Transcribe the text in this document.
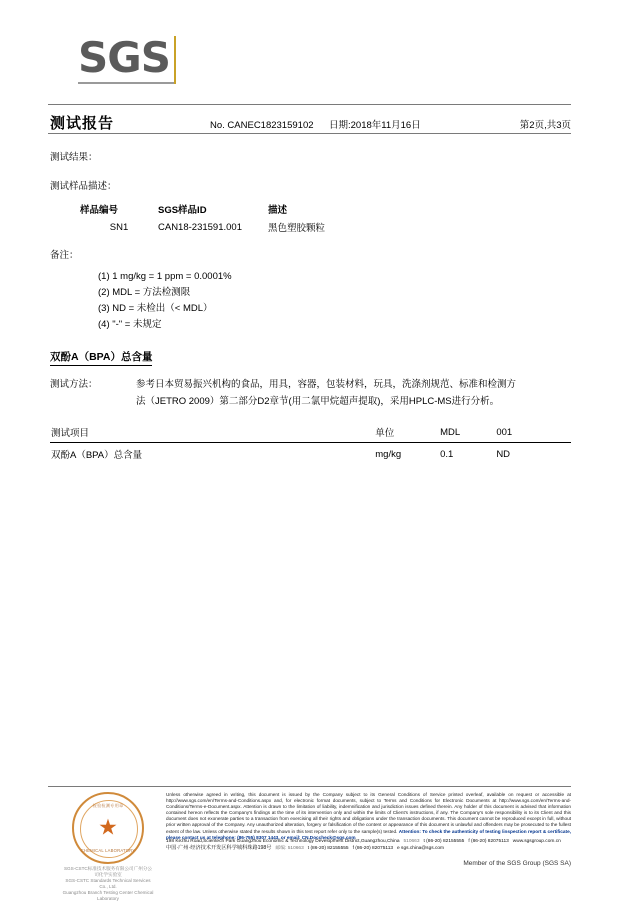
SGS
测试报告	No. CANEC1823159102	日期:2018年11月16日	第2页,共3页
测试结果：
测试样品描述：
样品编号	SGS样品ID	描述
SN1	CAN18-231591.001	黑色塑胶颗粒
备注：
(1) 1 mg/kg = 1 ppm = 0.0001%
(2) MDL = 方法检测限
(3) ND = 未检出（< MDL）
(4) "-" = 未规定
双酚A（BPA）总含量
测试方法：	参考日本贸易振兴机构的食品，用具，容器，包装材料，玩具，洗涤剂规范、标准和检测方
法（JETRO 2009）第二部分D2章节(用二氯甲烷超声提取)，采用HPLC-MS进行分析。
测试项目	单位	MDL	001
双酚A（BPA）总含量	mg/kg	0.1	ND
检验检测专用章
★
CHEMICAL LABORATORY
SGS-CSTC标准技术服务有限公司广州分公司化学实验室
SGS-CSTC Standards Technical Services Co., Ltd.
Guangzhou Branch Testing Center Chemical Laboratory
Unless otherwise agreed in writing, this document is issued by the Company subject to its General Conditions of Service printed overleaf, available on request or accessible at http://www.sgs.com/en/Terms-and-Conditions.aspx and, for electronic format documents, subject to Terms and Conditions for Electronic Documents at http://www.sgs.com/en/Terms-and-Conditions/Terms-e-Document.aspx. Attention is drawn to the limitation of liability, indemnification and jurisdiction issues defined therein. Any holder of this document is advised that information contained hereon reflects the Company's findings at the time of its intervention only and within the limits of Client's instructions, if any. The Company's sole responsibility is to its Client and this document does not exonerate parties to a transaction from exercising all their rights and obligations under the transaction documents. This document cannot be reproduced except in full, without prior written approval of the Company. Any unauthorized alteration, forgery or falsification of the content or appearance of this document is unlawful and offenders may be prosecuted to the fullest extent of the law. Unless otherwise stated the results shown in this test report refer only to the sample(s) tested. Attention: To check the authenticity of testing /inspection report & certificate, please contact us at telephone: (86-755) 8307 1443, or email: CN.Doccheck@sgs.com
198 Kezhu Road,Scientech Park Guangzhou Economic & Technology Development District,Guangzhou,China 510663 t (86-20) 82155555 f (86-20) 82075113 www.sgsgroup.com.cn
中国·广州·经济技术开发区科学城科珠路198号 邮编: 510663 t (86-20) 82155555 f (86-20) 82075113 e sgs.china@sgs.com
Member of the SGS Group (SGS SA)
